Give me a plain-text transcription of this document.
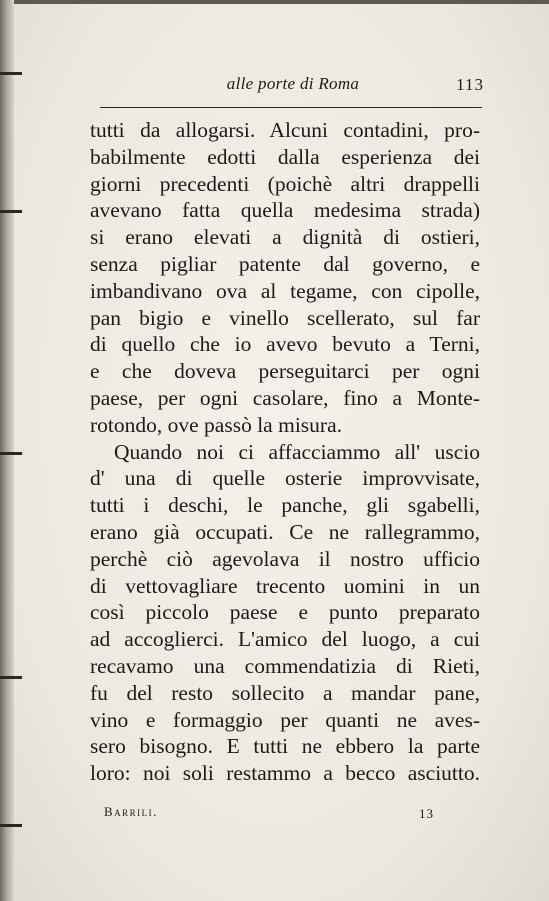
alle porte di Roma	113
tutti da allogarsi. Alcuni contadini, pro-
babilmente edotti dalla esperienza dei
giorni precedenti (poichè altri drappelli
avevano fatta quella medesima strada)
si erano elevati a dignità di ostieri,
senza pigliar patente dal governo, e
imbandivano ova al tegame, con cipolle,
pan bigio e vinello scellerato, sul far
di quello che io avevo bevuto a Terni,
e che doveva perseguitarci per ogni
paese, per ogni casolare, fino a Monte-
rotondo, ove passò la misura.
Quando noi ci affacciammo all' uscio
d' una di quelle osterie improvvisate,
tutti i deschi, le panche, gli sgabelli,
erano già occupati. Ce ne rallegrammo,
perchè ciò agevolava il nostro ufficio
di vettovagliare trecento uomini in un
così piccolo paese e punto preparato
ad accoglierci. L'amico del luogo, a cui
recavamo una commendatizia di Rieti,
fu del resto sollecito a mandar pane,
vino e formaggio per quanti ne aves-
sero bisogno. E tutti ne ebbero la parte
loro: noi soli restammo a becco asciutto.
Barrili.	13
